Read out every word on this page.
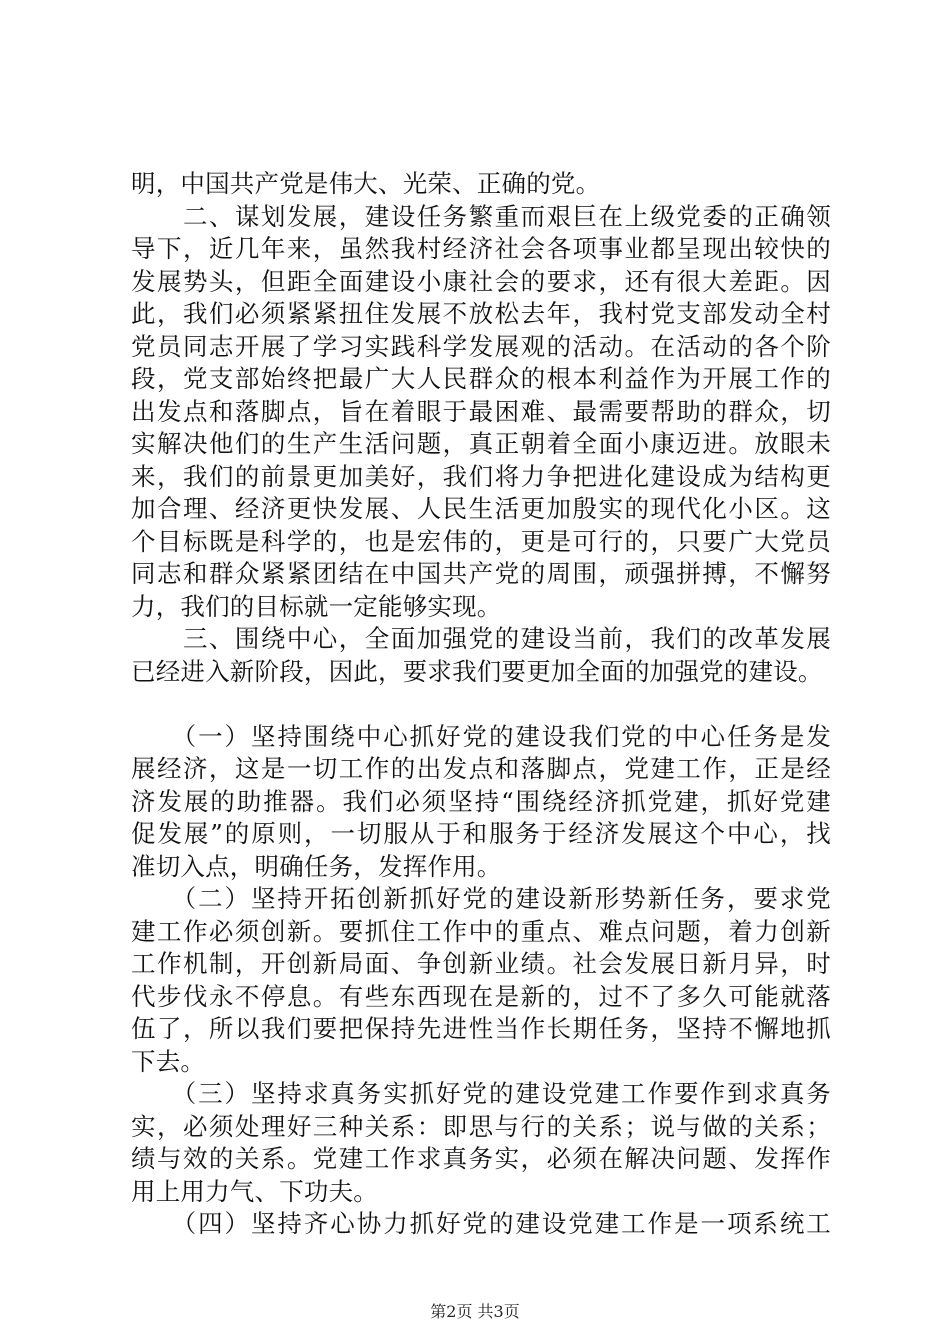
明，中国共产党是伟大、光荣、正确的党。
　　二、谋划发展，建设任务繁重而艰巨在上级党委的正确领
导下，近几年来，虽然我村经济社会各项事业都呈现出较快的
发展势头，但距全面建设小康社会的要求，还有很大差距。因
此，我们必须紧紧扭住发展不放松去年，我村党支部发动全村
党员同志开展了学习实践科学发展观的活动。在活动的各个阶
段，党支部始终把最广大人民群众的根本利益作为开展工作的
出发点和落脚点，旨在着眼于最困难、最需要帮助的群众，切
实解决他们的生产生活问题，真正朝着全面小康迈进。放眼未
来，我们的前景更加美好，我们将力争把进化建设成为结构更
加合理、经济更快发展、人民生活更加殷实的现代化小区。这
个目标既是科学的，也是宏伟的，更是可行的，只要广大党员
同志和群众紧紧团结在中国共产党的周围，顽强拼搏，不懈努
力，我们的目标就一定能够实现。
　　三、围绕中心，全面加强党的建设当前，我们的改革发展
已经进入新阶段，因此，要求我们要更加全面的加强党的建设。
　　（一）坚持围绕中心抓好党的建设我们党的中心任务是发
展经济，这是一切工作的出发点和落脚点，党建工作，正是经
济发展的助推器。我们必须坚持“围绕经济抓党建，抓好党建
促发展”的原则，一切服从于和服务于经济发展这个中心，找
准切入点，明确任务，发挥作用。
　　（二）坚持开拓创新抓好党的建设新形势新任务，要求党
建工作必须创新。要抓住工作中的重点、难点问题，着力创新
工作机制，开创新局面、争创新业绩。社会发展日新月异，时
代步伐永不停息。有些东西现在是新的，过不了多久可能就落
伍了，所以我们要把保持先进性当作长期任务，坚持不懈地抓
下去。
　　（三）坚持求真务实抓好党的建设党建工作要作到求真务
实，必须处理好三种关系：即思与行的关系；说与做的关系；
绩与效的关系。党建工作求真务实，必须在解决问题、发挥作
用上用力气、下功夫。
　　（四）坚持齐心协力抓好党的建设党建工作是一项系统工
第2页 共3页
